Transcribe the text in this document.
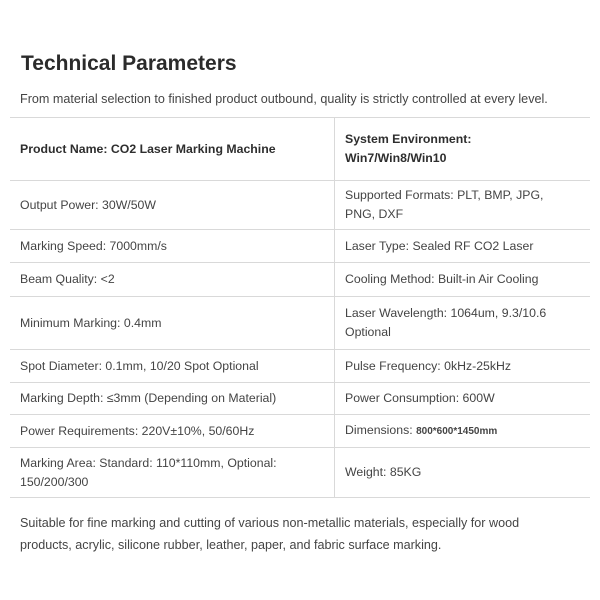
Technical Parameters

From material selection to finished product outbound, quality is strictly controlled at every level.

Product Name: CO2 Laser Marking Machine	System Environment:
Win7/Win8/Win10
Output Power: 30W/50W	Supported Formats: PLT, BMP, JPG,
PNG, DXF
Marking Speed: 7000mm/s	Laser Type: Sealed RF CO2 Laser
Beam Quality: <2	Cooling Method: Built-in Air Cooling
Minimum Marking: 0.4mm	Laser Wavelength: 1064um, 9.3/10.6
Optional
Spot Diameter: 0.1mm, 10/20 Spot Optional	Pulse Frequency: 0kHz-25kHz
Marking Depth: ≤3mm (Depending on Material)	Power Consumption: 600W
Power Requirements: 220V±10%, 50/60Hz	Dimensions: 800*600*1450mm
Marking Area: Standard: 110*110mm, Optional:
150/200/300	Weight: 85KG

Suitable for fine marking and cutting of various non-metallic materials, especially for wood
products, acrylic, silicone rubber, leather, paper, and fabric surface marking.
